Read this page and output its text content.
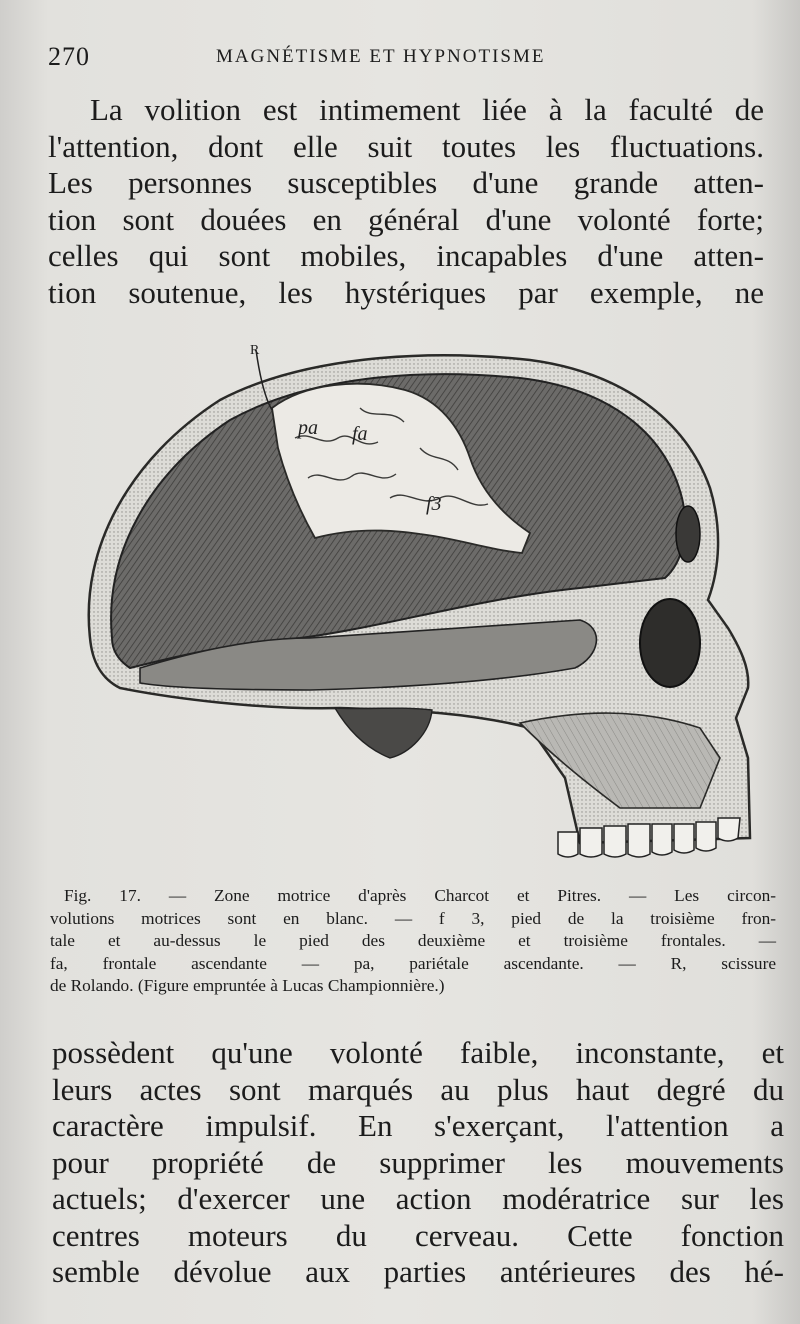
270	MAGNÉTISME ET HYPNOTISME

La volition est intimement liée à la faculté de
l'attention, dont elle suit toutes les fluctuations.
Les personnes susceptibles d'une grande atten-
tion sont douées en général d'une volonté forte;
celles qui sont mobiles, incapables d'une atten-
tion soutenue, les hystériques par exemple, ne

R
pa fa
f3
Fig. 17. — Zone motrice d'après Charcot et Pitres. — Les circon-
volutions motrices sont en blanc. — f 3, pied de la troisième fron-
tale et au-dessus le pied des deuxième et troisième frontales. —
fa, frontale ascendante — pa, pariétale ascendante. — R, scissure
de Rolando. (Figure empruntée à Lucas Championnière.)

possèdent qu'une volonté faible, inconstante, et
leurs actes sont marqués au plus haut degré du
caractère impulsif. En s'exerçant, l'attention a
pour propriété de supprimer les mouvements
actuels; d'exercer une action modératrice sur les
centres moteurs du cerveau. Cette fonction
semble dévolue aux parties antérieures des hé-
